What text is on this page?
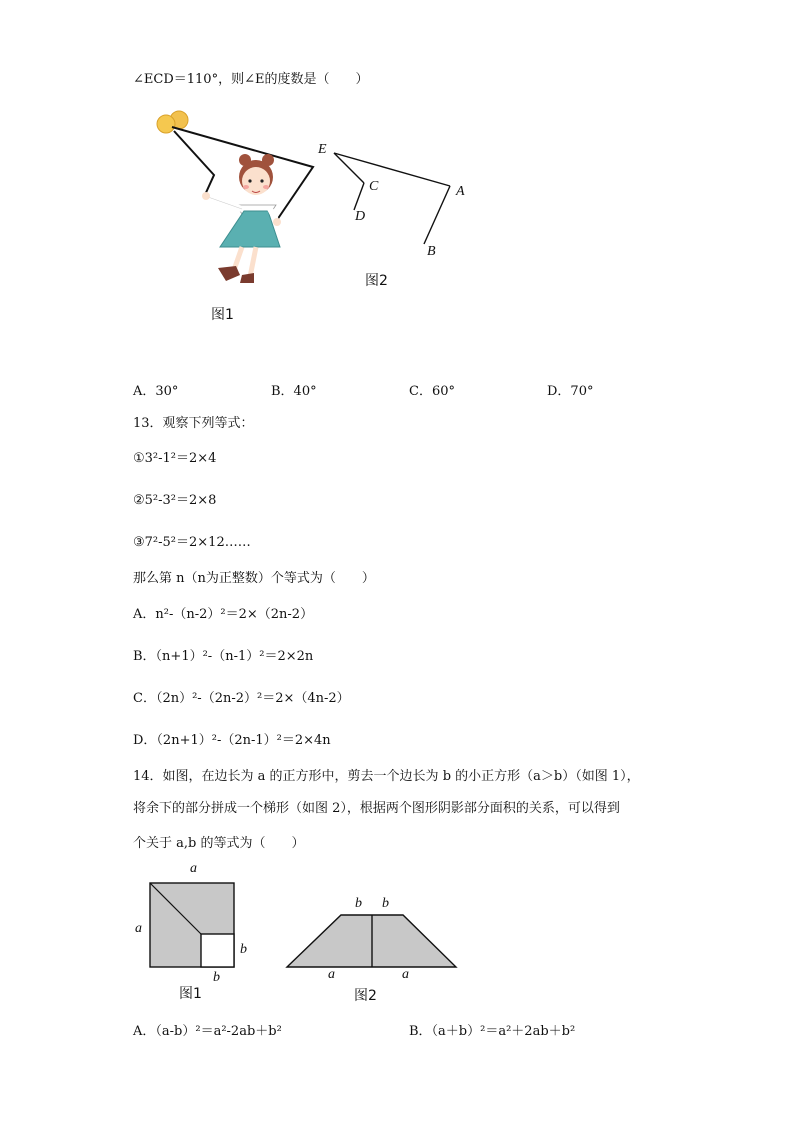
∠ECD＝110°，则∠E的度数是（　　）
图1
E
C	A
D
B
图2
A．30°	B．40°	C．60°	D．70°
13．观察下列等式：
①3²-1²＝2×4
②5²-3²＝2×8
③7²-5²＝2×12……
那么第 n（n为正整数）个等式为（　　）
A．n²-（n-2）²＝2×（2n-2）
B．（n+1）²-（n-1）²＝2×2n
C．（2n）²-（2n-2）²＝2×（4n-2）
D．（2n+1）²-（2n-1）²＝2×4n
14．如图，在边长为 a 的正方形中，剪去一个边长为 b 的小正方形（a＞b）（如图 1），
将余下的部分拼成一个梯形（如图 2），根据两个图形阴影部分面积的关系，可以得到
个关于 a,b 的等式为（　　）
a
a
b
b
图1
b b
a	a
图2
A．（a-b）²＝a²-2ab＋b²	B．（a＋b）²＝a²＋2ab＋b²
